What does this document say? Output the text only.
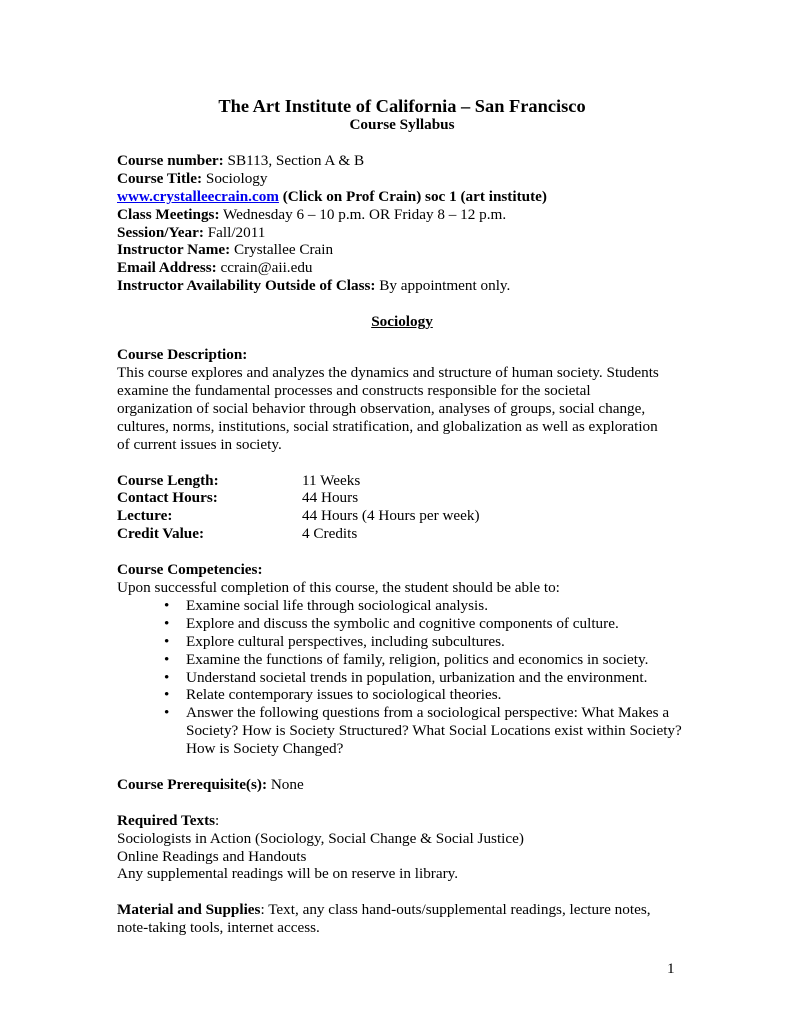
The Art Institute of California – San Francisco

Course Syllabus

Course number: SB113, Section A & B

Course Title: Sociology

www.crystalleecrain.com (Click on Prof Crain) soc 1 (art institute)

Class Meetings: Wednesday 6 – 10 p.m. OR Friday 8 – 12 p.m.

Session/Year: Fall/2011

Instructor Name: Crystallee Crain

Email Address: ccrain@aii.edu

Instructor Availability Outside of Class: By appointment only.

Sociology

Course Description:

This course explores and analyzes the dynamics and structure of human society. Students

examine the fundamental processes and constructs responsible for the societal

organization of social behavior through observation, analyses of groups, social change,

cultures, norms, institutions, social stratification, and globalization as well as exploration

of current issues in society.

Course Length:	11 Weeks
Contact Hours:	44 Hours
Lecture:	44 Hours (4 Hours per week)
Credit Value:	4 Credits

Course Competencies:

Upon successful completion of this course, the student should be able to:

• Examine social life through sociological analysis.
• Explore and discuss the symbolic and cognitive components of culture.
• Explore cultural perspectives, including subcultures.
• Examine the functions of family, religion, politics and economics in society.
• Understand societal trends in population, urbanization and the environment.
• Relate contemporary issues to sociological theories.
• Answer the following questions from a sociological perspective: What Makes a Society? How is Society Structured? What Social Locations exist within Society? How is Society Changed?

Course Prerequisite(s): None

Required Texts:

Sociologists in Action (Sociology, Social Change & Social Justice)

Online Readings and Handouts

Any supplemental readings will be on reserve in library.

Material and Supplies: Text, any class hand-outs/supplemental readings, lecture notes, note-taking tools, internet access.

1
